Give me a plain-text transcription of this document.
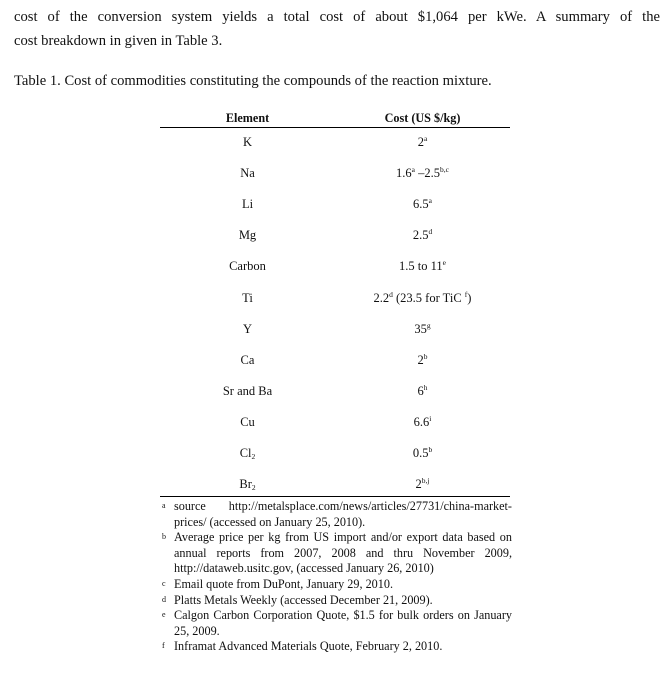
cost of the conversion system yields a total cost of about $1,064 per kWe. A summary of the
cost breakdown in given in Table 3.

Table 1. Cost of commodities constituting the compounds of the reaction mixture.

Element	Cost (US $/kg)
K	2$^a$
Na	1.6$^a$ –2.5$^{b,c}$
Li	6.5$^a$
Mg	2.5$^d$
Carbon	1.5 to 11e
Ti	2.2$^d$ (23.5 for TiC $^f$)
Y	35$^g$
Ca	2$^b$
Sr and Ba	6$^h$
Cu	6.6$^i$
$Cl_2$	0.5$^b$
$Br_2$	2$^{b,j}$

a source http://metalsplace.com/news/articles/27731/china-market-prices/ (accessed on January 25, 2010).

b Average price per kg from US import and/or export data based on annual reports from 2007, 2008 and thru November 2009, http://dataweb.usitc.gov, (accessed January 26, 2010)

c Email quote from DuPont, January 29, 2010.

d Platts Metals Weekly (accessed December 21, 2009).

e Calgon Carbon Corporation Quote, $1.5 for bulk orders on January 25, 2009.

f Inframat Advanced Materials Quote, February 2, 2010.
